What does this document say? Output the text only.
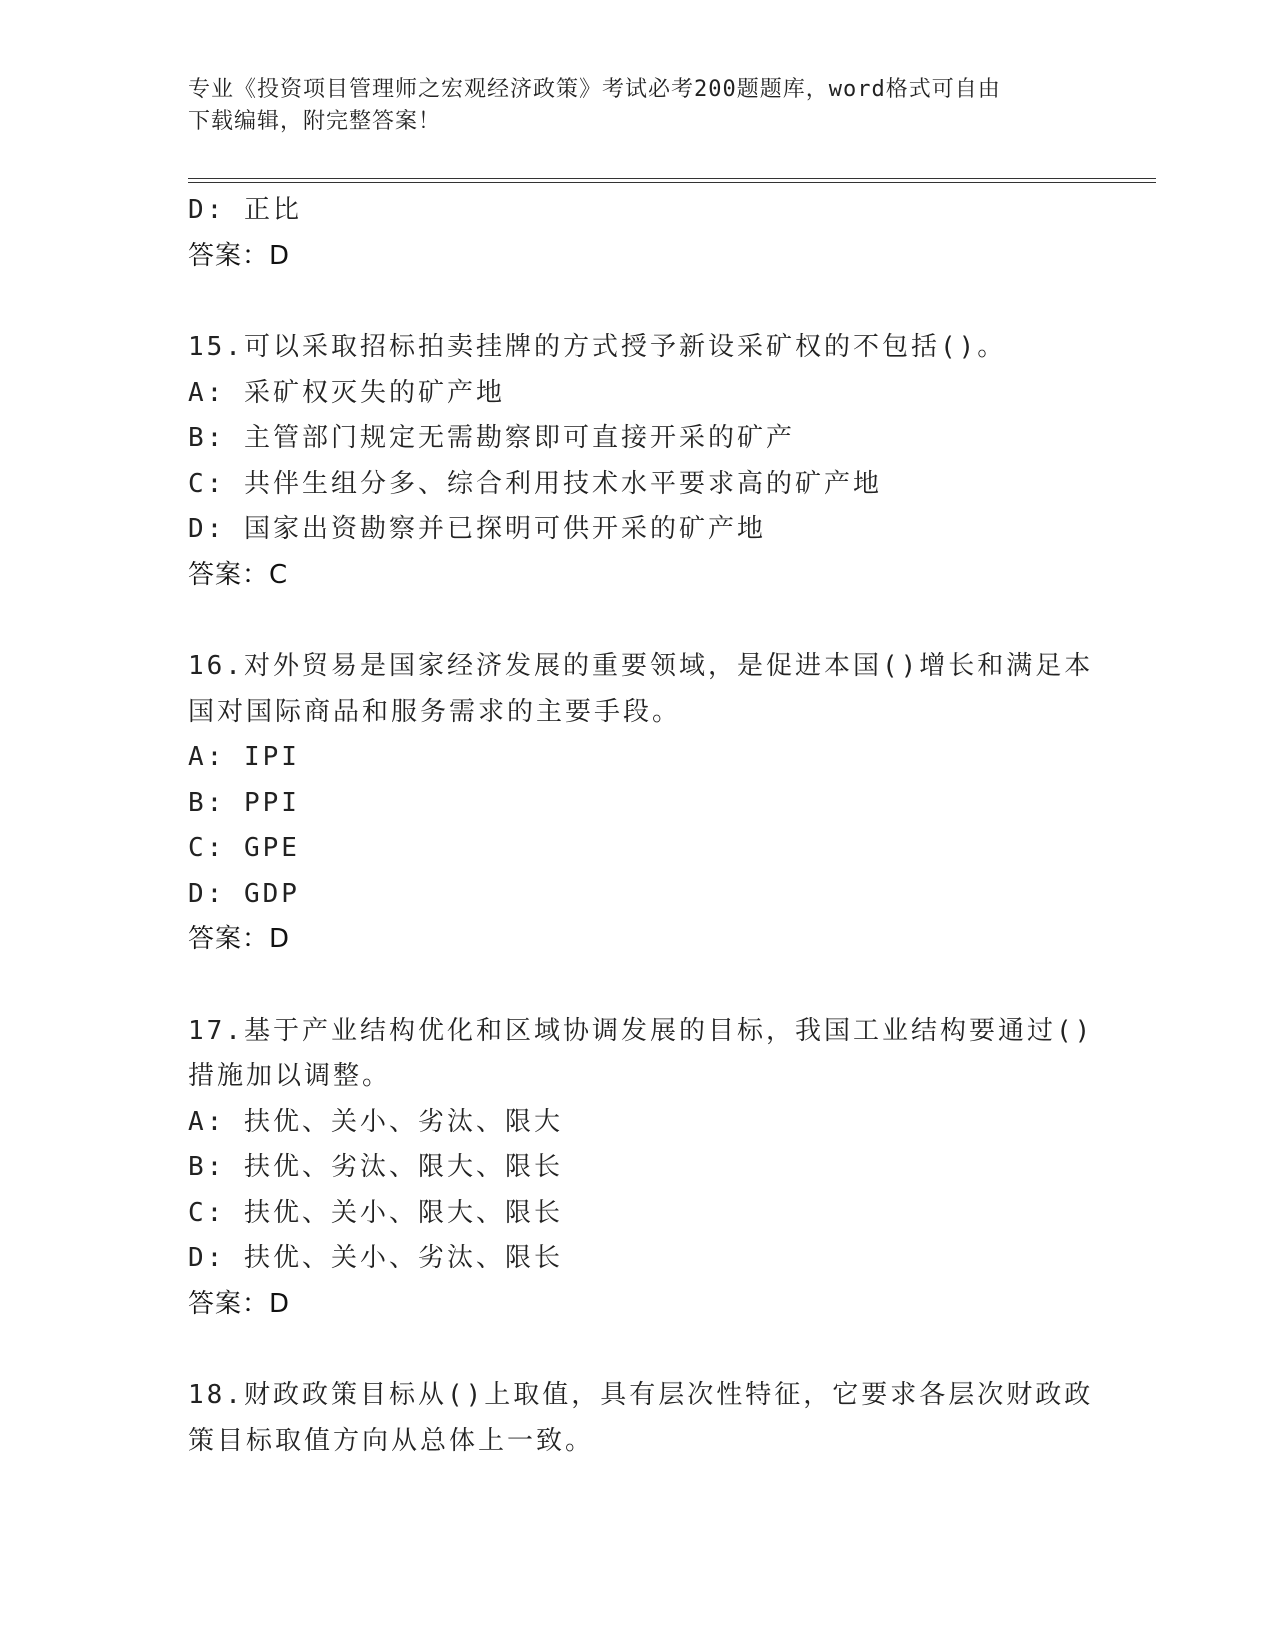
专业《投资项目管理师之宏观经济政策》考试必考200题题库，word格式可自由
下载编辑，附完整答案！
D: 正比
答案：D
15.可以采取招标拍卖挂牌的方式授予新设采矿权的不包括()。
A: 采矿权灭失的矿产地
B: 主管部门规定无需勘察即可直接开采的矿产
C: 共伴生组分多、综合利用技术水平要求高的矿产地
D: 国家出资勘察并已探明可供开采的矿产地
答案：C
16.对外贸易是国家经济发展的重要领域，是促进本国()增长和满足本
国对国际商品和服务需求的主要手段。
A: IPI
B: PPI
C: GPE
D: GDP
答案：D
17.基于产业结构优化和区域协调发展的目标，我国工业结构要通过()
措施加以调整。
A: 扶优、关小、劣汰、限大
B: 扶优、劣汰、限大、限长
C: 扶优、关小、限大、限长
D: 扶优、关小、劣汰、限长
答案：D
18.财政政策目标从()上取值，具有层次性特征，它要求各层次财政政
策目标取值方向从总体上一致。
